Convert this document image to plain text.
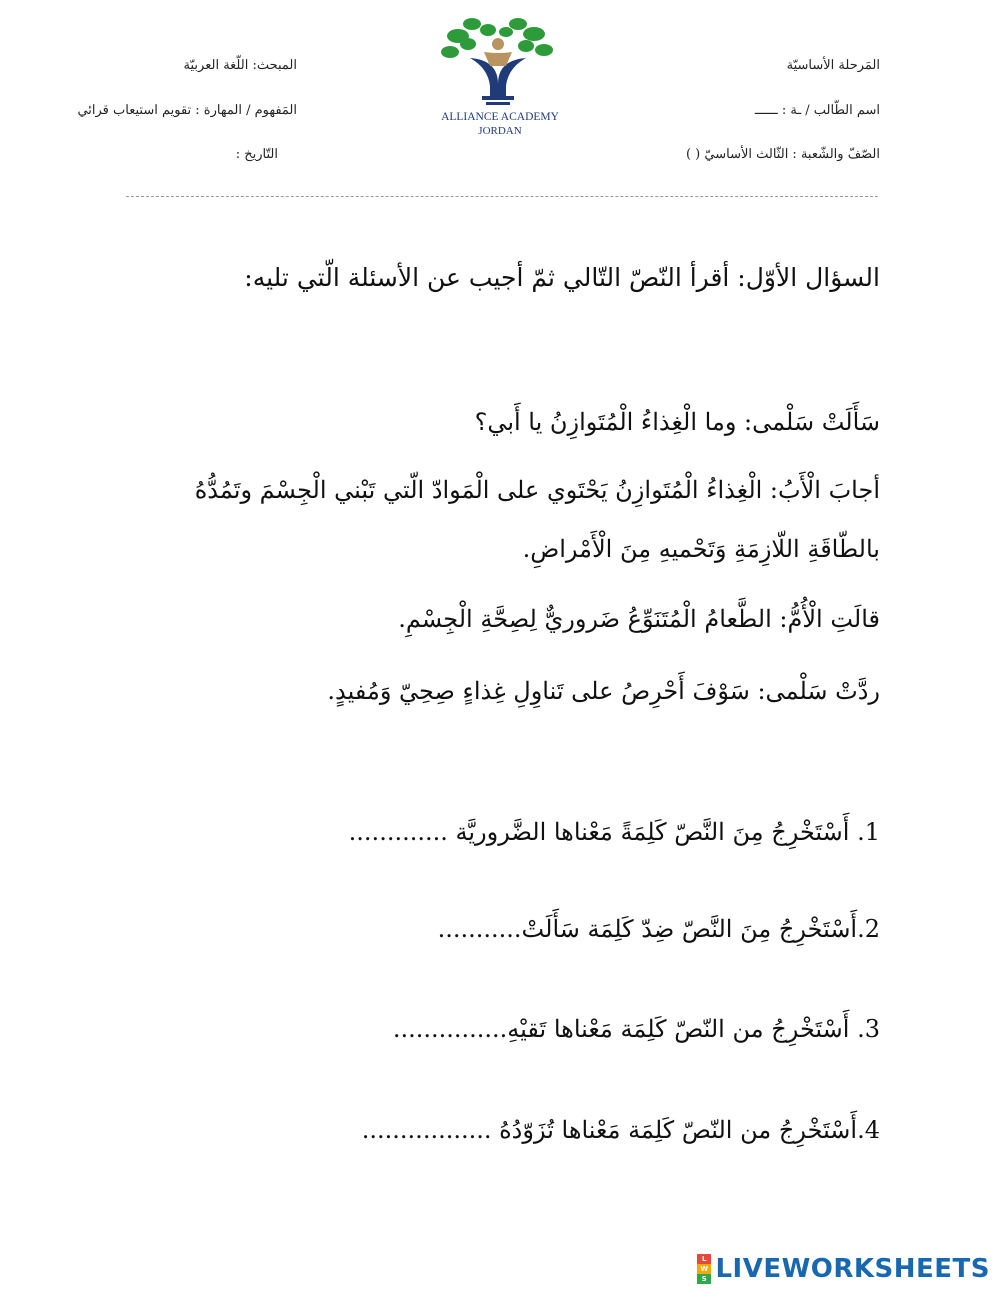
المَرحلة الأساسيّة
المبحث: اللّغة العربيّة
اسم الطّالب / ـة : ــــــ
المَفهوم / المهارة : تقويم استيعاب قرائي
الصّفّ والشّعبة : الثّالث الأساسيّ ( )
التّاريخ :
ALLIANCE ACADEMY
JORDAN
السؤال الأوّل: أقرأ النّصّ التّالي ثمّ أجيب عن الأسئلة الّتي تليه:
سَأَلَتْ سَلْمى: وما الْغِذاءُ الْمُتَوازِنُ يا أَبي؟
أجابَ الْأَبُ: الْغِذاءُ الْمُتَوازِنُ يَحْتَوي على الْمَوادّ الّتي تَبْني الْجِسْمَ وتَمُدُّهُ
بالطّاقَةِ اللّازِمَةِ وَتَحْميهِ مِنَ الْأَمْراضِ.
قالَتِ الْأُمُّ: الطَّعامُ الْمُتَنَوِّعُ ضَروريٌّ لِصِحَّةِ الْجِسْمِ.
ردَّتْ سَلْمى: سَوْفَ أَحْرِصُ على تَناوِلِ غِذاءٍ صِحِيّ وَمُفيدٍ.
1. أَسْتَخْرِجُ مِنَ النَّصّ كَلِمَةً مَعْناها الضَّروريَّة .............
2.أَسْتَخْرِجُ مِنَ النَّصّ ضِدّ كَلِمَة سَأَلَتْ...........
3. أَسْتَخْرِجُ من النّصّ كَلِمَة مَعْناها تَقيْهِ...............
4.أَسْتَخْرِجُ من النّصّ كَلِمَة مَعْناها تُزَوّدُهُ .................
L
W
S LIVEWORKSHEETS
